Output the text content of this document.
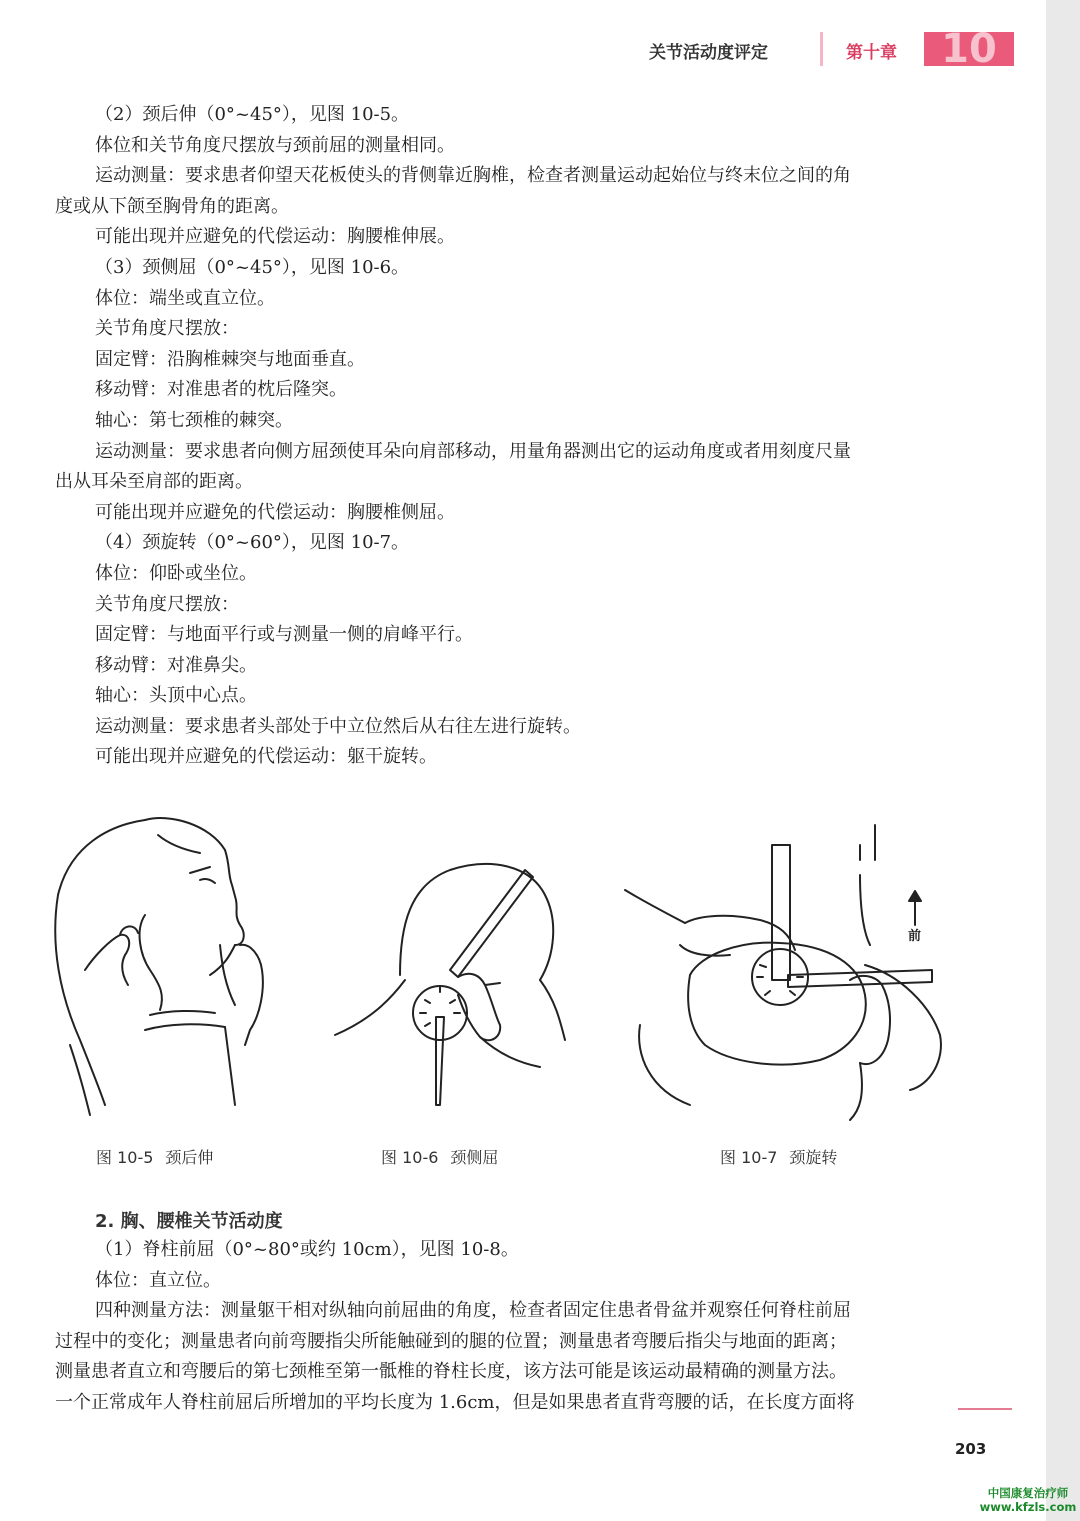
关节活动度评定	第十章	10
（2）颈后伸（0°~45°），见图 10-5。
体位和关节角度尺摆放与颈前屈的测量相同。
运动测量：要求患者仰望天花板使头的背侧靠近胸椎，检查者测量运动起始位与终末位之间的角
度或从下颌至胸骨角的距离。
可能出现并应避免的代偿运动：胸腰椎伸展。
（3）颈侧屈（0°~45°），见图 10-6。
体位：端坐或直立位。
关节角度尺摆放：
固定臂：沿胸椎棘突与地面垂直。
移动臂：对准患者的枕后隆突。
轴心：第七颈椎的棘突。
运动测量：要求患者向侧方屈颈使耳朵向肩部移动，用量角器测出它的运动角度或者用刻度尺量
出从耳朵至肩部的距离。
可能出现并应避免的代偿运动：胸腰椎侧屈。
（4）颈旋转（0°~60°），见图 10-7。
体位：仰卧或坐位。
关节角度尺摆放：
固定臂：与地面平行或与测量一侧的肩峰平行。
移动臂：对准鼻尖。
轴心：头顶中心点。
运动测量：要求患者头部处于中立位然后从右往左进行旋转。
可能出现并应避免的代偿运动：躯干旋转。
前
图 10-5 颈后伸	图 10-6 颈侧屈	图 10-7 颈旋转
2. 胸、腰椎关节活动度
（1）脊柱前屈（0°~80°或约 10cm），见图 10-8。
体位：直立位。
四种测量方法：测量躯干相对纵轴向前屈曲的角度，检查者固定住患者骨盆并观察任何脊柱前屈
过程中的变化；测量患者向前弯腰指尖所能触碰到的腿的位置；测量患者弯腰后指尖与地面的距离；
测量患者直立和弯腰后的第七颈椎至第一骶椎的脊柱长度，该方法可能是该运动最精确的测量方法。
一个正常成年人脊柱前屈后所增加的平均长度为 1.6cm，但是如果患者直背弯腰的话，在长度方面将
203
中国康复治疗师
www.kfzls.com
